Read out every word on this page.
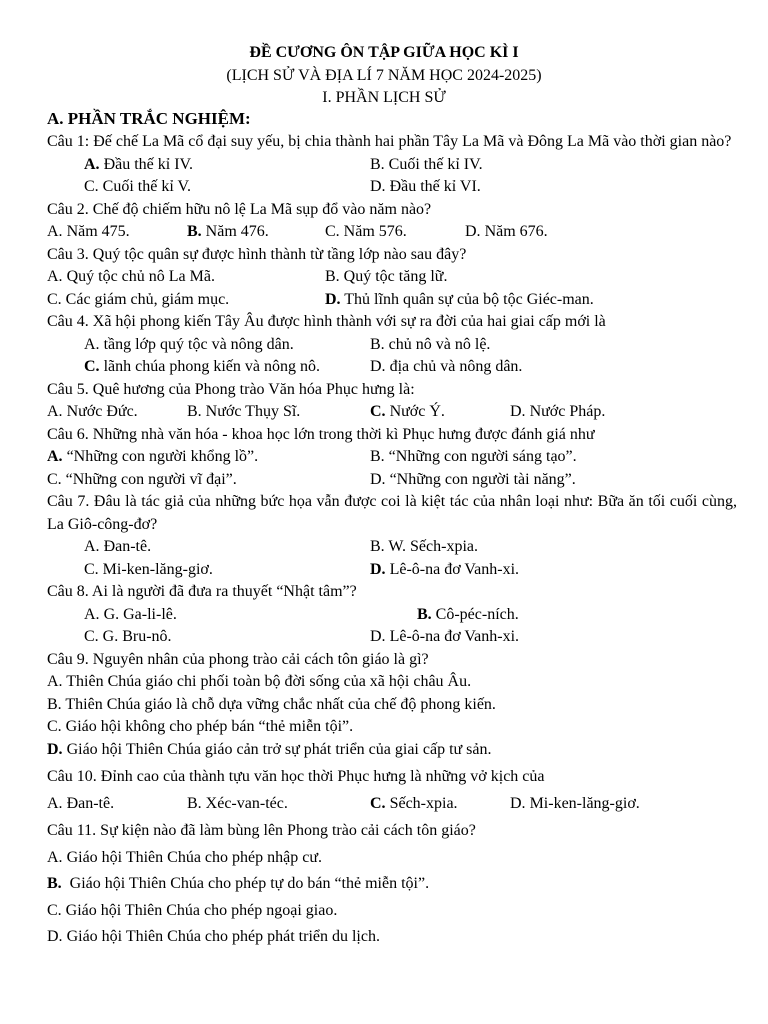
ĐỀ CƯƠNG ÔN TẬP GIỮA HỌC KÌ I
(LỊCH SỬ VÀ ĐỊA LÍ 7 NĂM HỌC 2024-2025)
I. PHẦN LỊCH SỬ
A. PHẦN TRẮC NGHIỆM:
Câu 1: Đế chế La Mã cổ đại suy yếu, bị chia thành hai phần Tây La Mã và Đông La Mã vào thời gian nào?
A. Đầu thế kỉ IV.	B. Cuối thế kỉ IV.
C. Cuối thế kỉ V.	D. Đầu thế kỉ VI.
Câu 2. Chế độ chiếm hữu nô lệ La Mã sụp đổ vào năm nào?
A. Năm 475.	B. Năm 476.	C. Năm 576.	D. Năm 676.
Câu 3. Quý tộc quân sự được hình thành từ tầng lớp nào sau đây?
A. Quý tộc chủ nô La Mã.	B. Quý tộc tăng lữ.
C. Các giám chủ, giám mục.	D. Thủ lĩnh quân sự của bộ tộc Giéc-man.
Câu 4. Xã hội phong kiến Tây Âu được hình thành với sự ra đời của hai giai cấp mới là
A. tầng lớp quý tộc và nông dân.	B. chủ nô và nô lệ.
C. lãnh chúa phong kiến và nông nô.	D. địa chủ và nông dân.
Câu 5. Quê hương của Phong trào Văn hóa Phục hưng là:
A. Nước Đức.	B. Nước Thụy Sĩ.	C. Nước Ý.	D. Nước Pháp.
Câu 6. Những nhà văn hóa - khoa học lớn trong thời kì Phục hưng được đánh giá như
A. “Những con người khổng lồ”.	B. “Những con người sáng tạo”.
C. “Những con người vĩ đại”.	D. “Những con người tài năng”.
Câu 7. Đâu là tác giả của những bức họa vẫn được coi là kiệt tác của nhân loại như: Bữa ăn tối cuối cùng, La Giô-công-đơ?
A. Đan-tê.	B. W. Sếch-xpia.
C. Mi-ken-lăng-giơ.	D. Lê-ô-na đơ Vanh-xi.
Câu 8. Ai là người đã đưa ra thuyết “Nhật tâm”?
A. G. Ga-li-lê.	B. Cô-péc-ních.
C. G. Bru-nô.	D. Lê-ô-na đơ Vanh-xi.
Câu 9. Nguyên nhân của phong trào cải cách tôn giáo là gì?
A. Thiên Chúa giáo chi phối toàn bộ đời sống của xã hội châu Âu.
B. Thiên Chúa giáo là chỗ dựa vững chắc nhất của chế độ phong kiến.
C. Giáo hội không cho phép bán “thẻ miễn tội”.
D. Giáo hội Thiên Chúa giáo cản trở sự phát triển của giai cấp tư sản.
Câu 10. Đỉnh cao của thành tựu văn học thời Phục hưng là những vở kịch của
A. Đan-tê.	B. Xéc-van-téc.	C. Sếch-xpia.	D. Mi-ken-lăng-giơ.
Câu 11. Sự kiện nào đã làm bùng lên Phong trào cải cách tôn giáo?
A. Giáo hội Thiên Chúa cho phép nhập cư.
B.  Giáo hội Thiên Chúa cho phép tự do bán “thẻ miễn tội”.
C. Giáo hội Thiên Chúa cho phép ngoại giao.
D. Giáo hội Thiên Chúa cho phép phát triển du lịch.
